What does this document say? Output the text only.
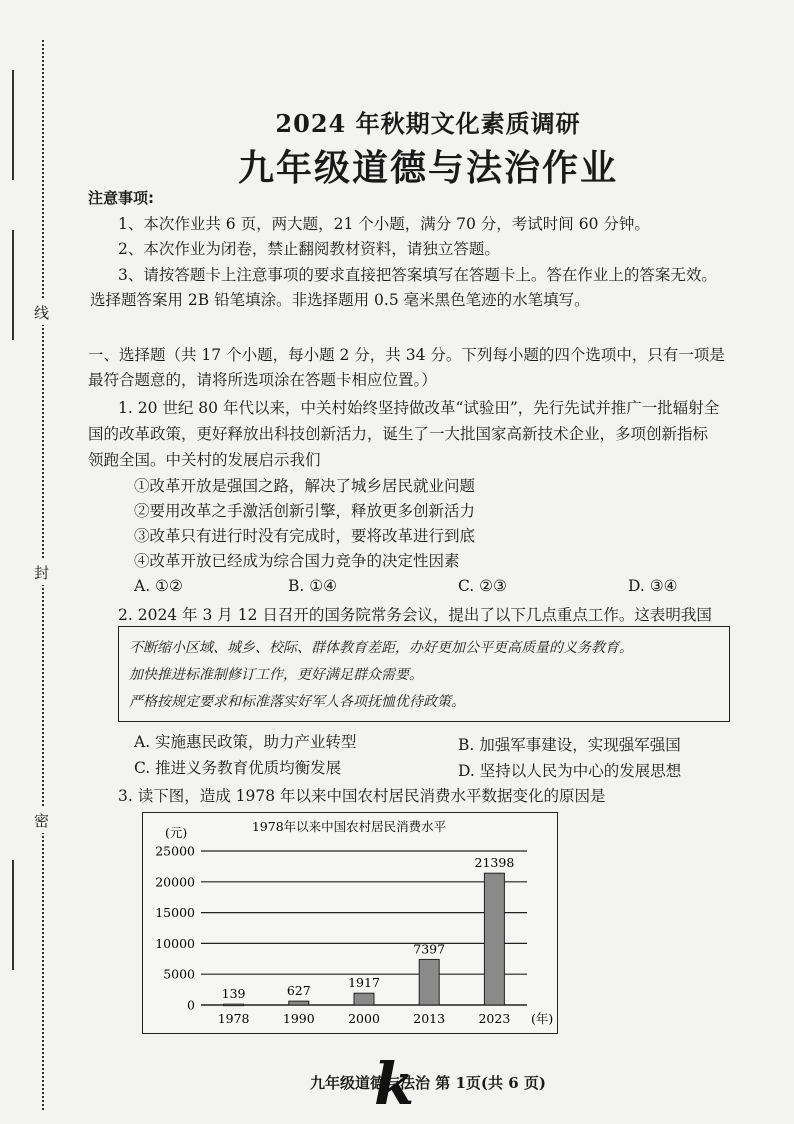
线
封
密
2024 年秋期文化素质调研
九年级道德与法治作业
注意事项:
1、本次作业共 6 页，两大题，21 个小题，满分 70 分，考试时间 60 分钟。
2、本次作业为闭卷，禁止翻阅教材资料，请独立答题。
3、请按答题卡上注意事项的要求直接把答案填写在答题卡上。答在作业上的答案无效。
选择题答案用 2B 铅笔填涂。非选择题用 0.5 毫米黑色笔迹的水笔填写。
一、选择题（共 17 个小题，每小题 2 分，共 34 分。下列每小题的四个选项中，只有一项是
最符合题意的，请将所选项涂在答题卡相应位置。）
1. 20 世纪 80 年代以来，中关村始终坚持做改革“试验田”，先行先试并推广一批辐射全
国的改革政策，更好释放出科技创新活力，诞生了一大批国家高新技术企业，多项创新指标
领跑全国。中关村的发展启示我们
①改革开放是强国之路，解决了城乡居民就业问题
②要用改革之手激活创新引擎，释放更多创新活力
③改革只有进行时没有完成时，要将改革进行到底
④改革开放已经成为综合国力竞争的决定性因素
A. ①②	B. ①④	C. ②③	D. ③④
2. 2024 年 3 月 12 日召开的国务院常务会议，提出了以下几点重点工作。这表明我国
不断缩小区域、城乡、校际、群体教育差距，办好更加公平更高质量的义务教育。
加快推进标准制修订工作，更好满足群众需要。
严格按规定要求和标准落实好军人各项抚恤优待政策。
A. 实施惠民政策，助力产业转型	B. 加强军事建设，实现强军强国
C. 推进义务教育优质均衡发展	D. 坚持以人民为中心的发展思想
3. 读下图，造成 1978 年以来中国农村居民消费水平数据变化的原因是
九年级道德与法治 第 1页(共 6 页)
k
1978年以来中国农村居民消费水平
(元)
0
5000
10000
15000
20000
25000
139
1978
627
1990
1917
2000
7397
2013
21398
2023 (年)
